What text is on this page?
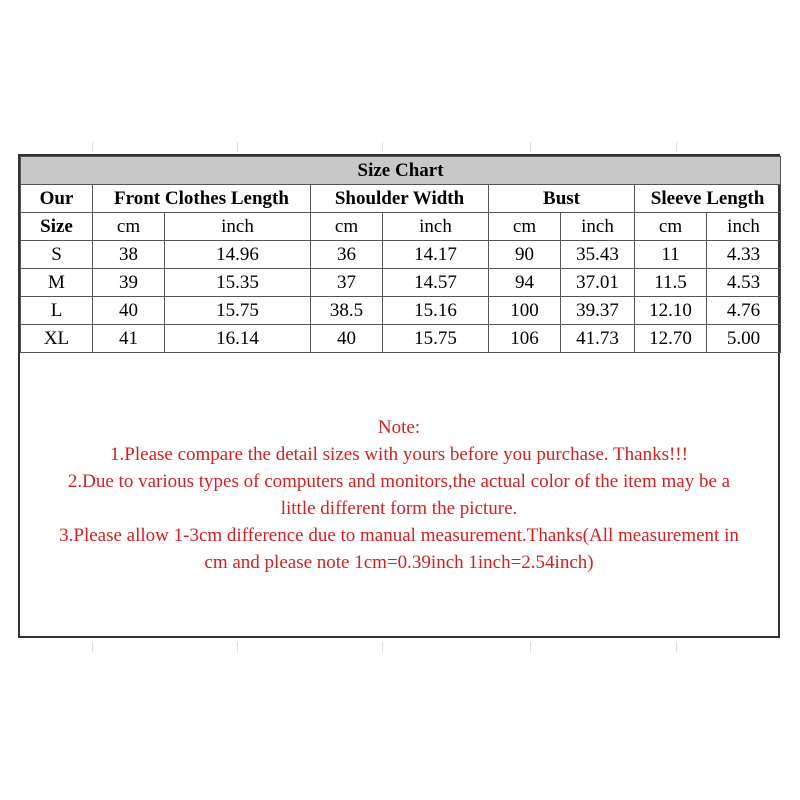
Size Chart								
Our	Front Clothes Length		Shoulder Width		Bust		Sleeve Length	
Size	cm	inch	cm	inch	cm	inch	cm	inch
S	38	14.96	36	14.17	90	35.43	11	4.33
M	39	15.35	37	14.57	94	37.01	11.5	4.53
L	40	15.75	38.5	15.16	100	39.37	12.10	4.76
XL	41	16.14	40	15.75	106	41.73	12.70	5.00
Note:
1.Please compare the detail sizes with yours before you purchase. Thanks!!!
2.Due to various types of computers and monitors,the actual color of the item may be a
little different form the picture.
3.Please allow 1-3cm difference due to manual measurement.Thanks(All measurement in
cm and please note 1cm=0.39inch 1inch=2.54inch)
